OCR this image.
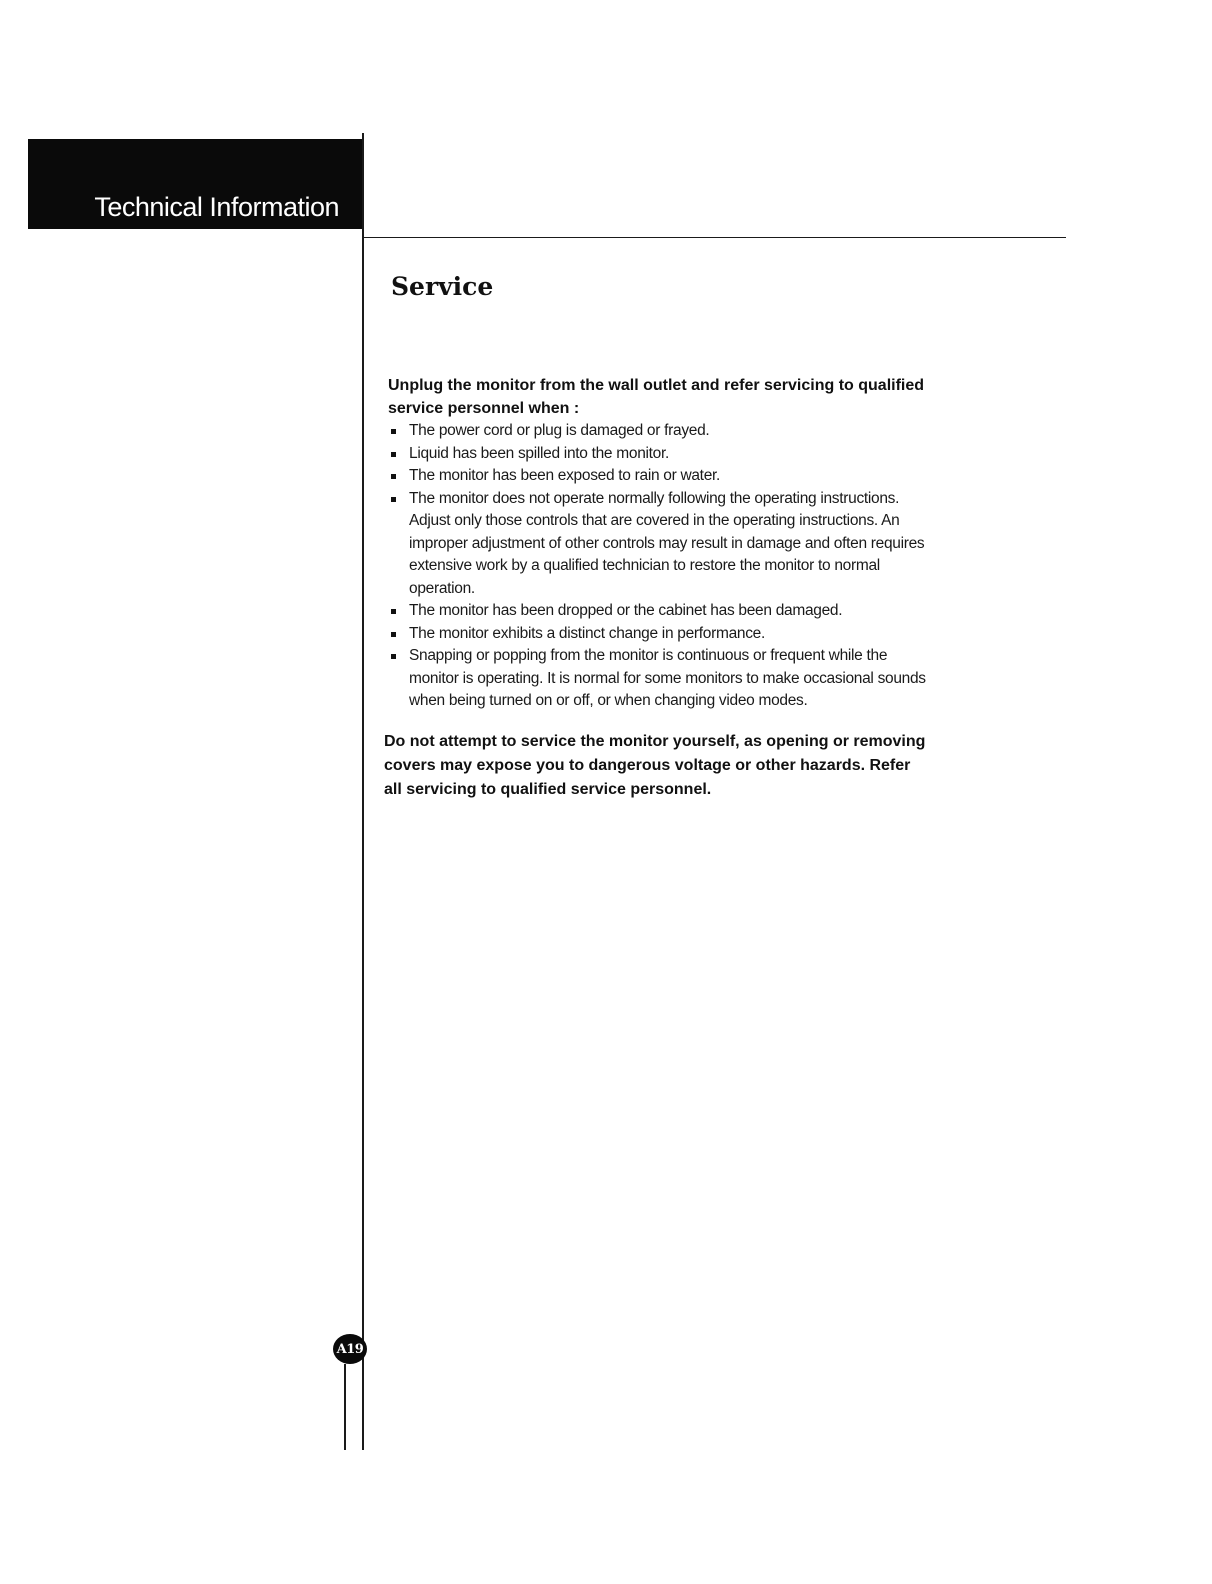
Technical Information
Service

Unplug the monitor from the wall outlet and refer servicing to qualified service personnel when :

The power cord or plug is damaged or frayed.
Liquid has been spilled into the monitor.
The monitor has been exposed to rain or water.
The monitor does not operate normally following the operating instructions. Adjust only those controls that are covered in the operating instructions. An improper adjustment of other controls may result in damage and often requires extensive work by a qualified technician to restore the monitor to normal operation.
The monitor has been dropped or the cabinet has been damaged.
The monitor exhibits a distinct change in performance.
Snapping or popping from the monitor is continuous or frequent while the monitor is operating. It is normal for some monitors to make occasional sounds when being turned on or off, or when changing video modes.

Do not attempt to service the monitor yourself, as opening or removing covers may expose you to dangerous voltage or other hazards. Refer all servicing to qualified service personnel.

A19
